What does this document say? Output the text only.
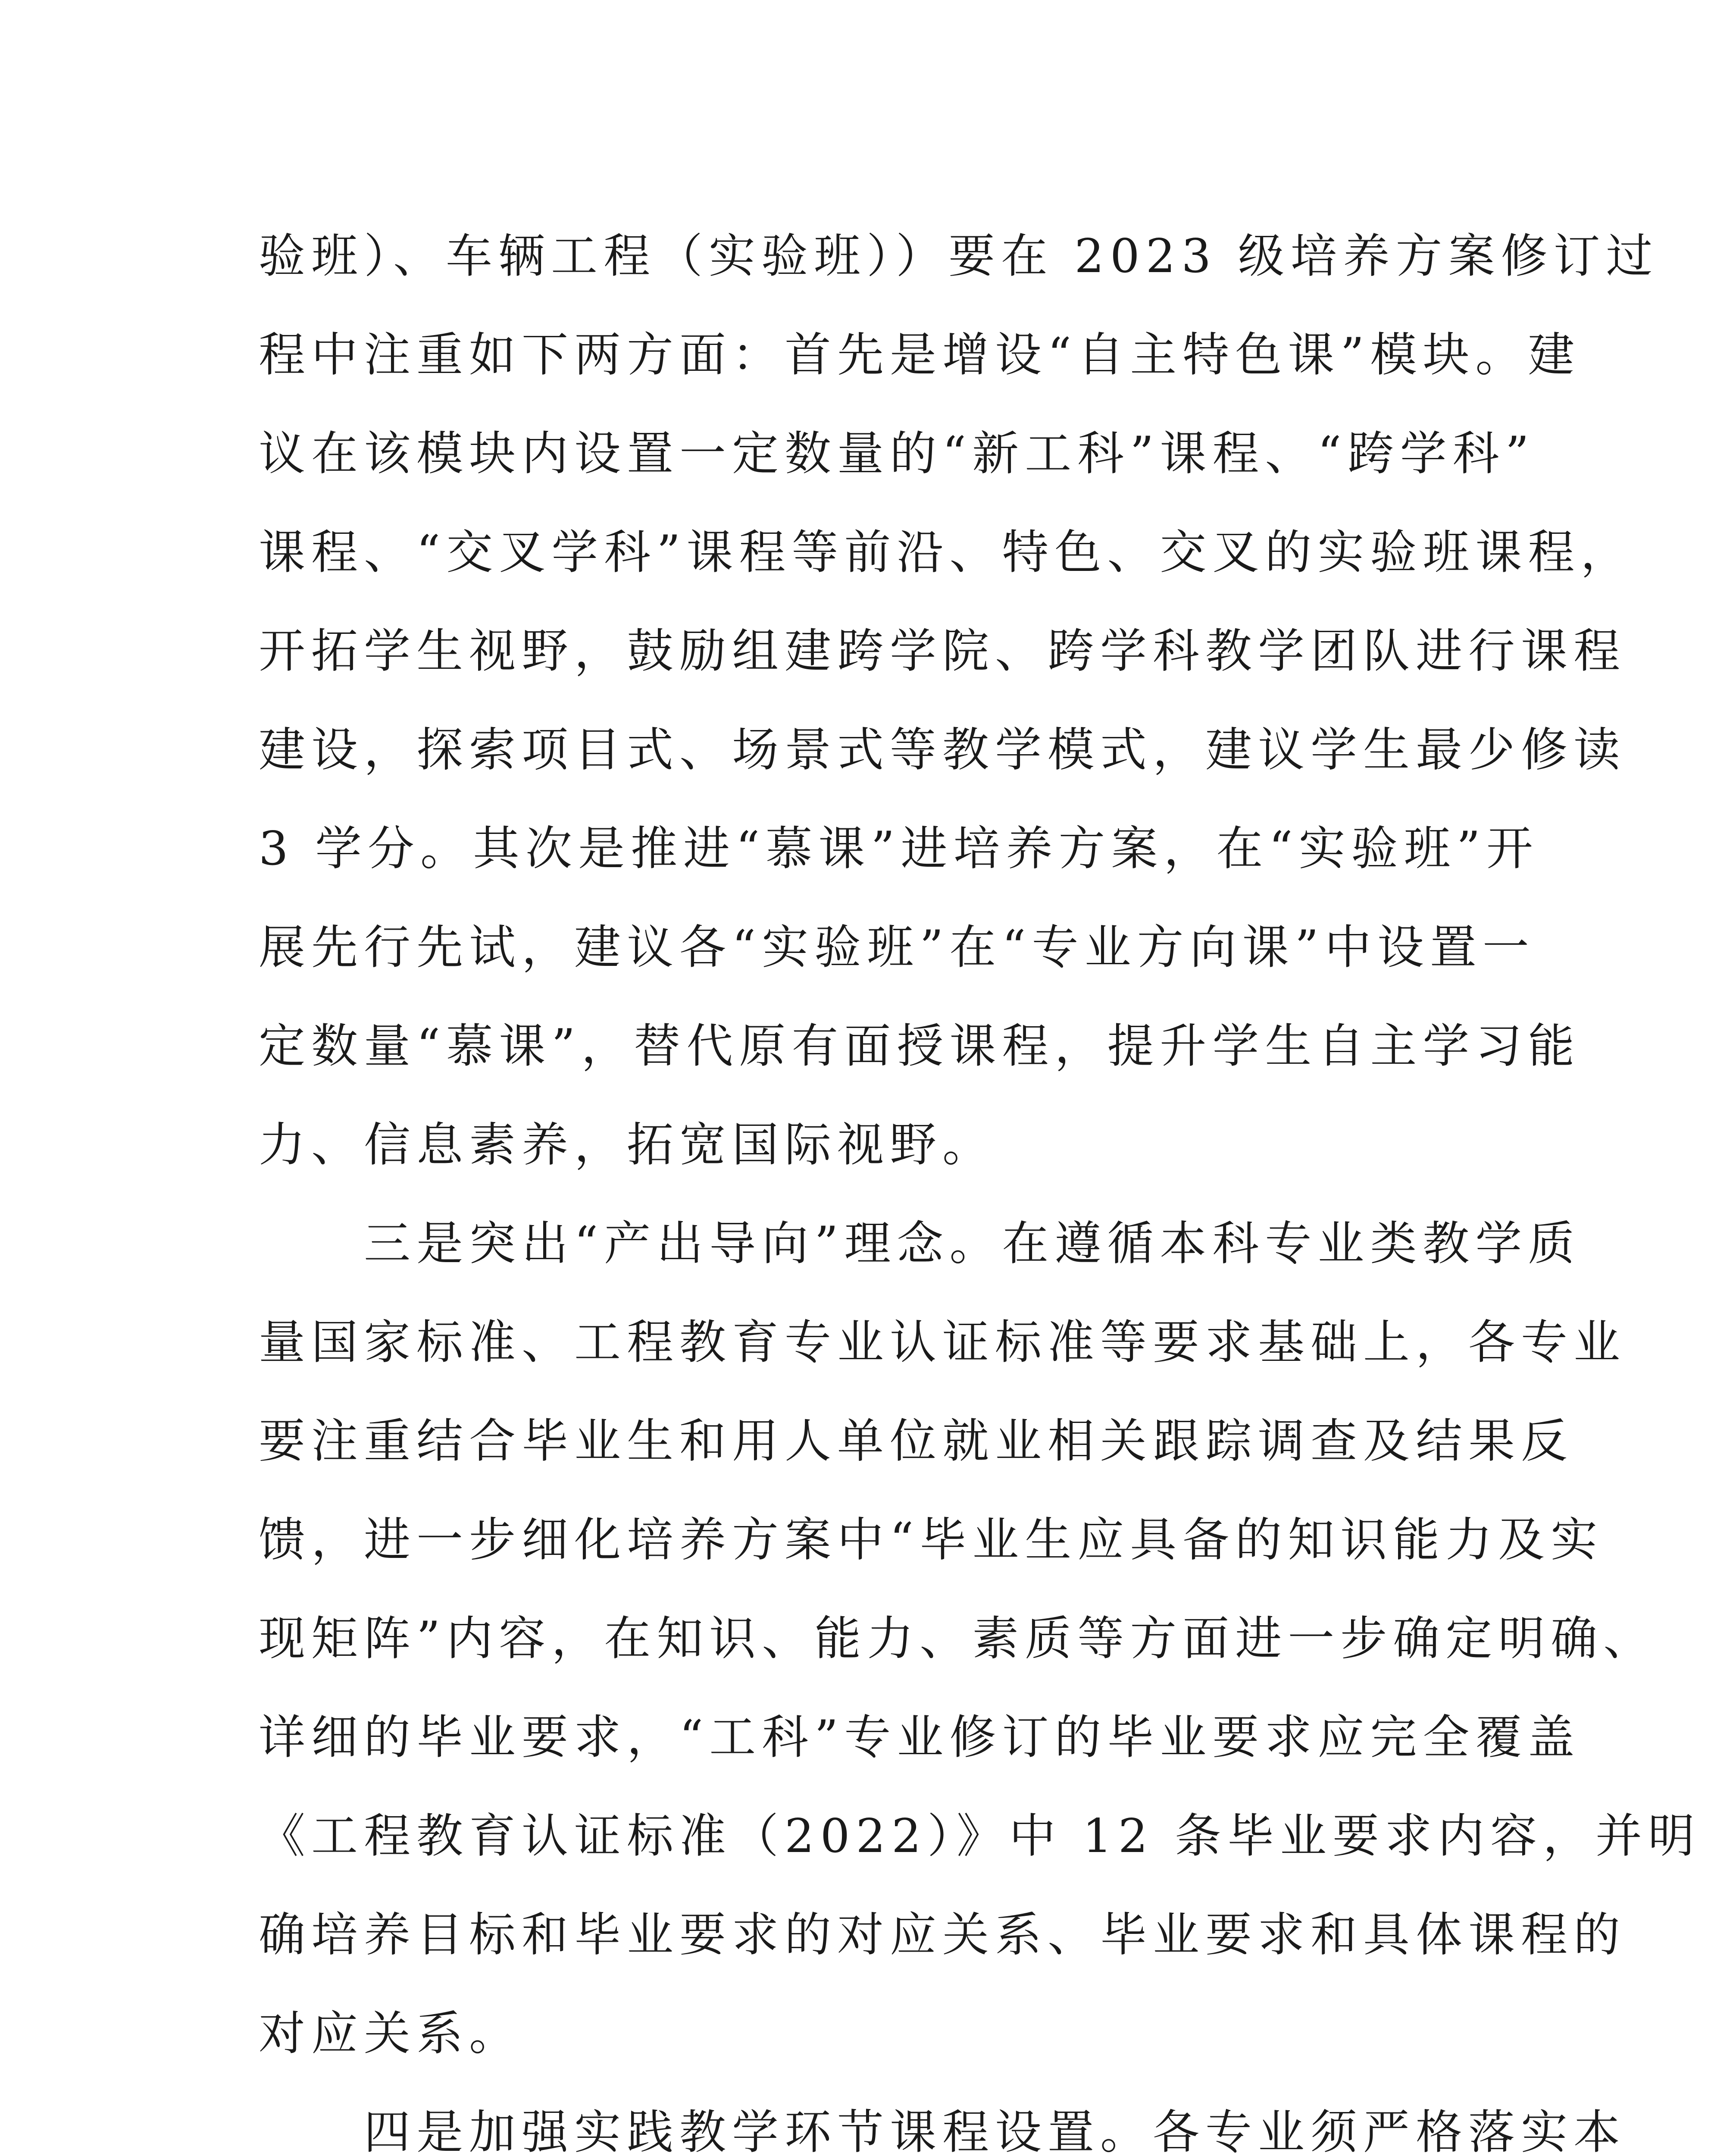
验班）、车辆工程（实验班））要在 2023 级培养方案修订过
程中注重如下两方面：首先是增设“自主特色课”模块。建
议在该模块内设置一定数量的“新工科”课程、“跨学科”
课程、“交叉学科”课程等前沿、特色、交叉的实验班课程，
开拓学生视野，鼓励组建跨学院、跨学科教学团队进行课程
建设，探索项目式、场景式等教学模式，建议学生最少修读
3 学分。其次是推进“慕课”进培养方案，在“实验班”开
展先行先试，建议各“实验班”在“专业方向课”中设置一
定数量“慕课”，替代原有面授课程，提升学生自主学习能
力、信息素养，拓宽国际视野。
三是突出“产出导向”理念。在遵循本科专业类教学质
量国家标准、工程教育专业认证标准等要求基础上，各专业
要注重结合毕业生和用人单位就业相关跟踪调查及结果反
馈，进一步细化培养方案中“毕业生应具备的知识能力及实
现矩阵”内容，在知识、能力、素质等方面进一步确定明确、
详细的毕业要求，“工科”专业修订的毕业要求应完全覆盖
《工程教育认证标准（2022）》中 12 条毕业要求内容，并明
确培养目标和毕业要求的对应关系、毕业要求和具体课程的
对应关系。
四是加强实践教学环节课程设置。各专业须严格落实本
